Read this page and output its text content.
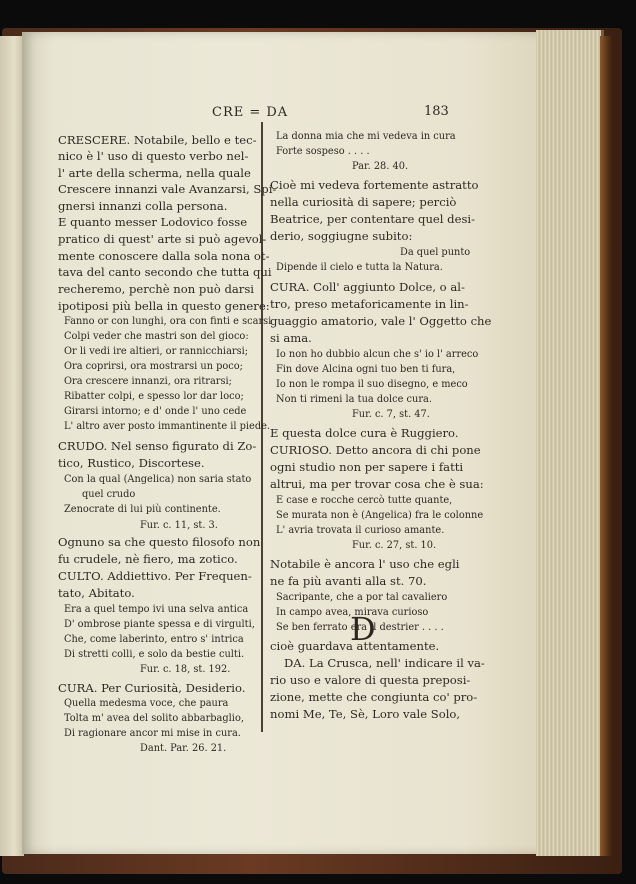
CRE = DA	183
CRESCERE. Notabile, bello e tec-
nico è l' uso di questo verbo nel-
l' arte della scherma, nella quale
Crescere innanzi vale Avanzarsi, Spi-
gnersi innanzi colla persona.
E quanto messer Lodovico fosse
pratico di quest' arte si può agevol-
mente conoscere dalla sola nona ot-
tava del canto secondo che tutta qui
recheremo, perchè non può darsi
ipotiposi più bella in questo genere:
Fanno or con lunghi, ora con finti e scarsi
Colpi veder che mastri son del gioco:
Or li vedi ire altieri, or rannicchiarsi;
Ora coprirsi, ora mostrarsi un poco;
Ora crescere innanzi, ora ritrarsi;
Ribatter colpi, e spesso lor dar loco;
Girarsi intorno; e d' onde l' uno cede
L' altro aver posto immantinente il piede.
CRUDO. Nel senso figurato di Zo-
tico, Rustico, Discortese.
Con la qual (Angelica) non saria stato
quel crudo
Zenocrate di lui più continente.
Fur. c. 11, st. 3.
Ognuno sa che questo filosofo non
fu crudele, nè fiero, ma zotico.
CULTO. Addiettivo. Per Frequen-
tato, Abitato.
Era a quel tempo ivi una selva antica
D' ombrose piante spessa e di virgulti,
Che, come laberinto, entro s' intrica
Di stretti colli, e solo da bestie culti.
Fur. c. 18, st. 192.
CURA. Per Curiosità, Desiderio.
Quella medesma voce, che paura
Tolta m' avea del solito abbarbaglio,
Di ragionare ancor mi mise in cura.
Dant. Par. 26. 21.
La donna mia che mi vedeva in cura
Forte sospeso . . . .
Par. 28. 40.
Cioè mi vedeva fortemente astratto
nella curiosità di sapere; perciò
Beatrice, per contentare quel desi-
derio, soggiugne subito:
Da quel punto
Dipende il cielo e tutta la Natura.
CURA. Coll' aggiunto Dolce, o al-
tro, preso metaforicamente in lin-
guaggio amatorio, vale l' Oggetto che
si ama.
Io non ho dubbio alcun che s' io l' arreco
Fin dove Alcina ogni tuo ben ti fura,
Io non le rompa il suo disegno, e meco
Non ti rimeni la tua dolce cura.
Fur. c. 7, st. 47.
E questa dolce cura è Ruggiero.
CURIOSO. Detto ancora di chi pone
ogni studio non per sapere i fatti
altrui, ma per trovar cosa che è sua:
E case e rocche cercò tutte quante,
Se murata non è (Angelica) fra le colonne
L' avria trovata il curioso amante.
Fur. c. 27, st. 10.
Notabile è ancora l' uso che egli
ne fa più avanti alla st. 70.
Sacripante, che a por tal cavaliero
In campo avea, mirava curioso
Se ben ferrato era il destrier . . . .
cioè guardava attentamente.
D
DA. La Crusca, nell' indicare il va-
rio uso e valore di questa preposi-
zione, mette che congiunta co' pro-
nomi Me, Te, Sè, Loro vale Solo,
